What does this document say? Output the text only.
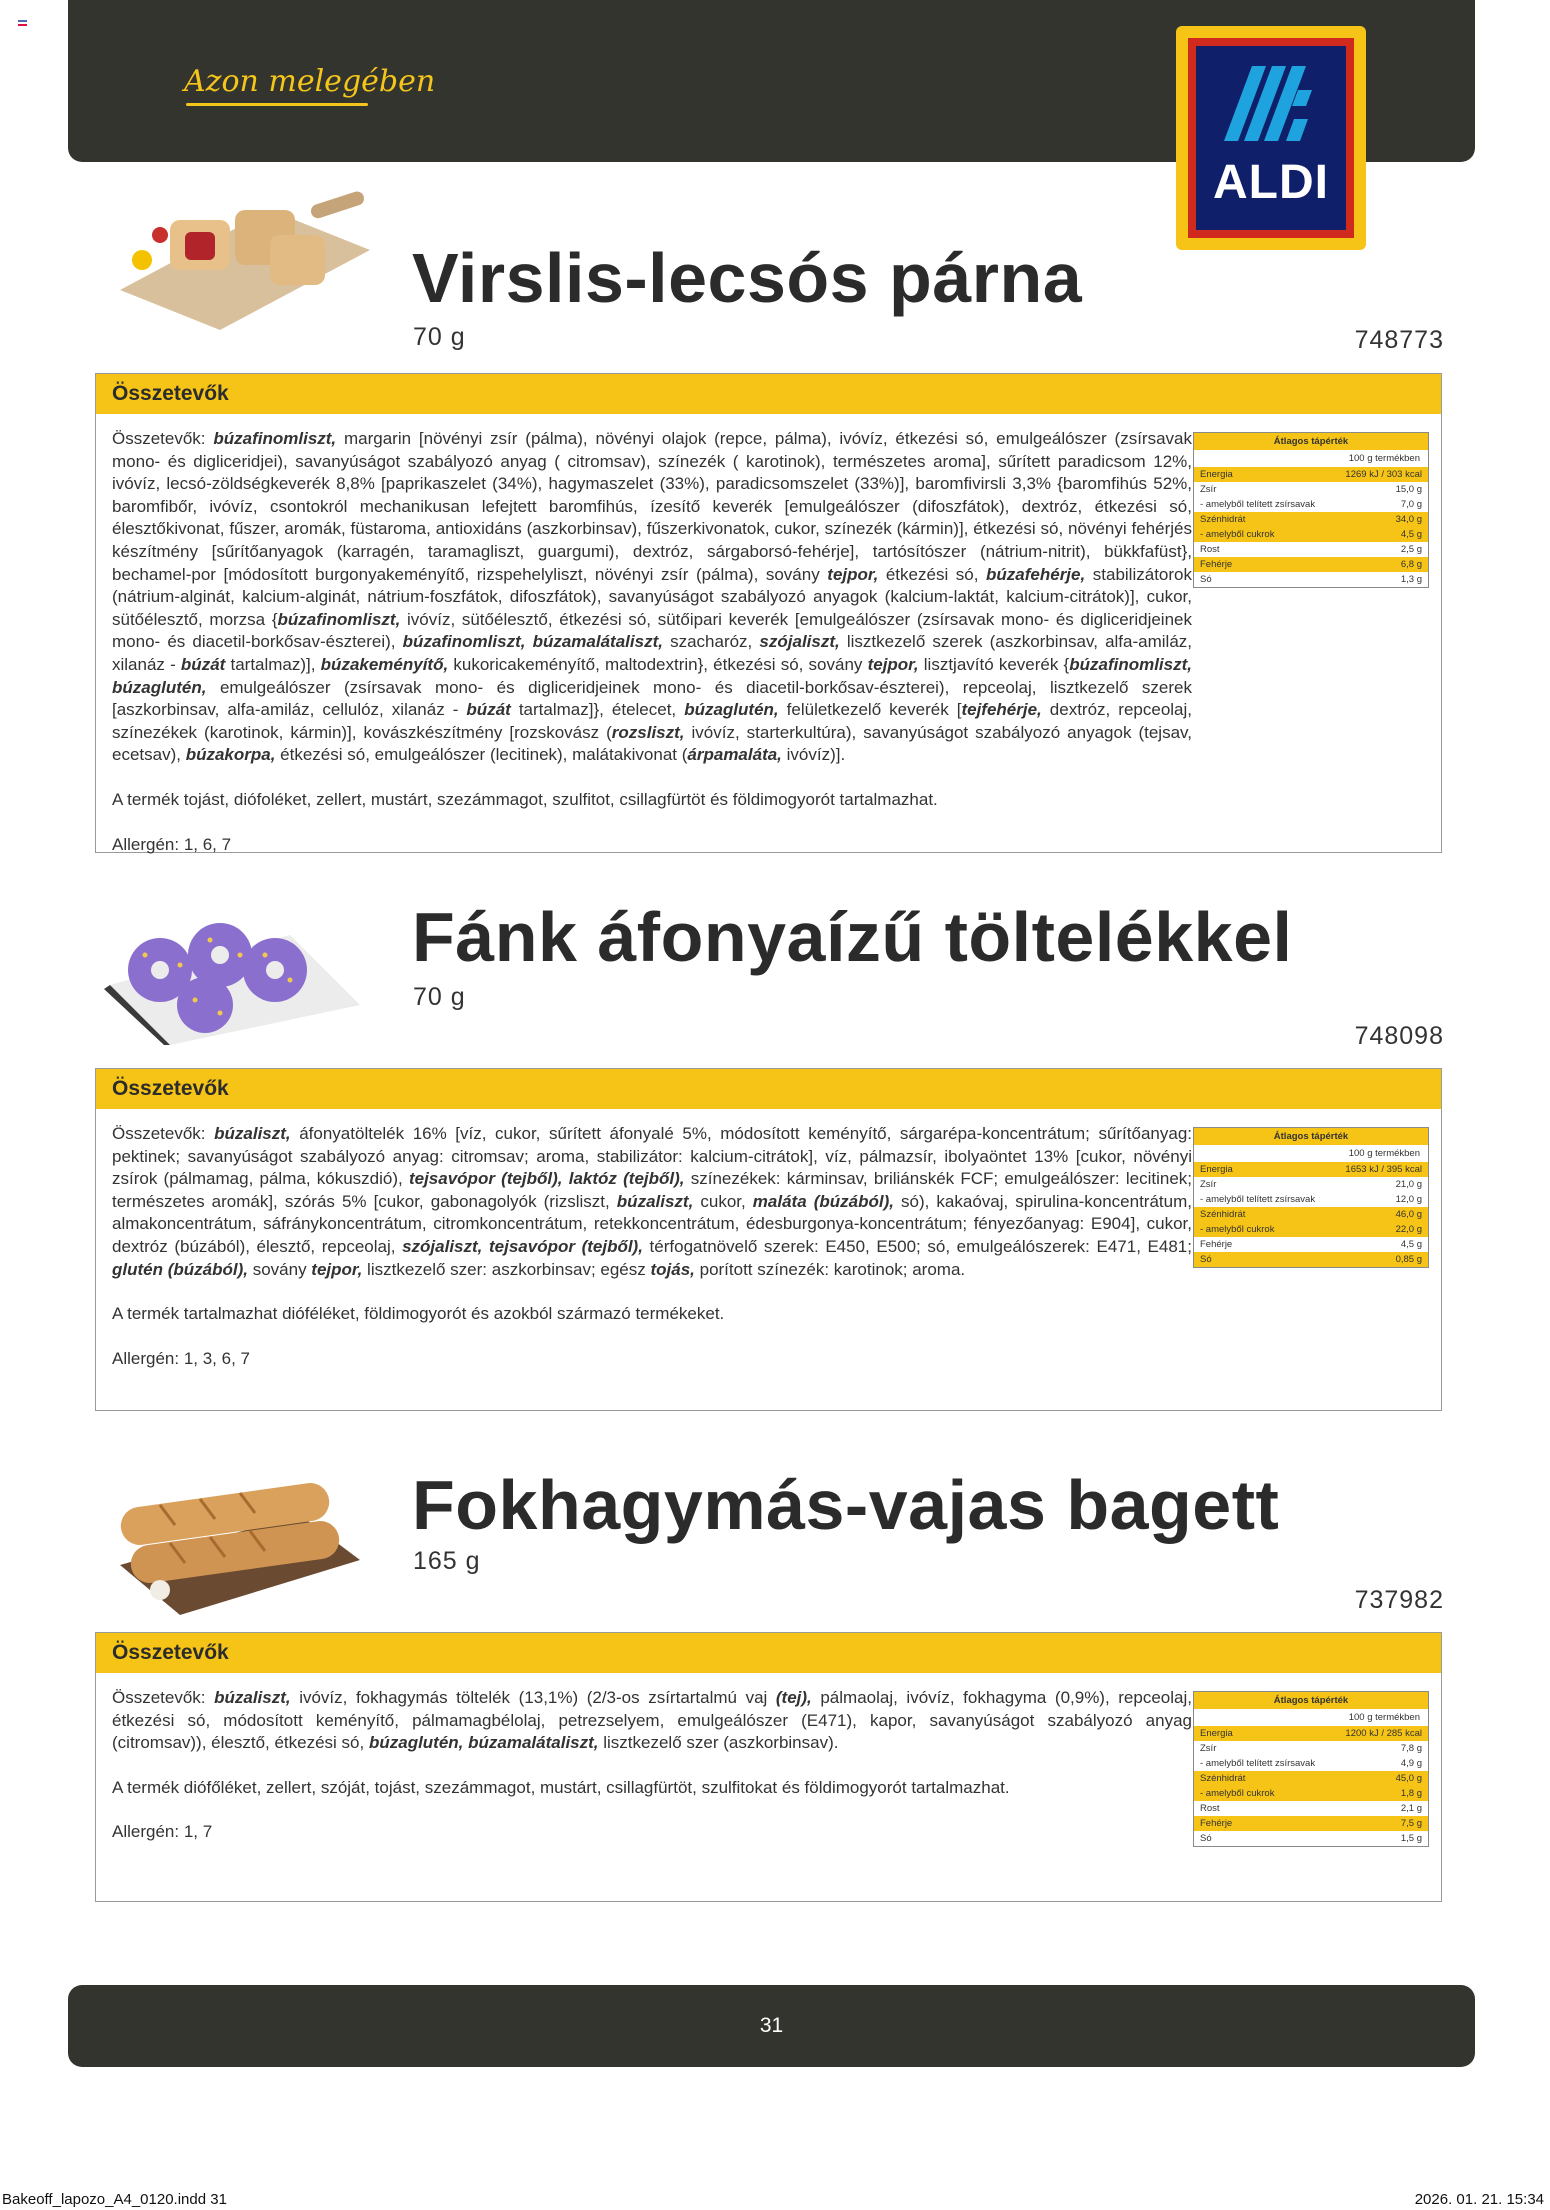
Azon melegében
ALDI
Virslis-lecsós párna
70 g	748773
Összetevők
Összetevők: búzafinomliszt, margarin [növényi zsír (pálma), növényi olajok (repce, pálma), ivóvíz, étkezési só, emulgeálószer (zsírsavak mono- és digliceridjei), savanyúságot szabályozó anyag ( citromsav), színezék ( karotinok), természetes aroma], sűrített paradicsom 12%, ivóvíz, lecsó-zöldségkeverék 8,8% [paprikaszelet (34%), hagymaszelet (33%), paradicsomszelet (33%)], baromfivirsli 3,3% {baromfihús 52%, baromfibőr, ivóvíz, csontokról mechanikusan lefejtett baromfihús, ízesítő keverék [emulgeálószer (difoszfátok), dextróz, étkezési só, élesztőkivonat, fűszer, aromák, füstaroma, antioxidáns (aszkorbinsav), fűszerkivonatok, cukor, színezék (kármin)], étkezési só, növényi fehérjés készítmény [sűrítőanyagok (karragén, taramagliszt, guargumi), dextróz, sárgaborsó-fehérje], tartósítószer (nátrium-nitrit), bükkfafüst}, bechamel-por [módosított burgonyakeményítő, rizspehelyliszt, növényi zsír (pálma), sovány tejpor, étkezési só, búzafehérje, stabilizátorok (nátrium-alginát, kalcium-alginát, nátrium-foszfátok, difoszfátok), savanyúságot szabályozó anyagok (kalcium-laktát, kalcium-citrátok)], cukor, sütőélesztő, morzsa {búzafinomliszt, ivóvíz, sütőélesztő, étkezési só, sütőipari keverék [emulgeálószer (zsírsavak mono- és digliceridjeinek mono- és diacetil-borkősav-észterei), búzafinomliszt, búzamalátaliszt, szacharóz, szójaliszt, lisztkezelő szerek (aszkorbinsav, alfa-amiláz, xilanáz - búzát tartalmaz)], búzakeményítő, kukoricakeményítő, maltodextrin}, étkezési só, sovány tejpor, lisztjavító keverék {búzafinomliszt, búzaglutén, emulgeálószer (zsírsavak mono- és digliceridjeinek mono- és diacetil-borkősav-észterei), repceolaj, lisztkezelő szerek [aszkorbinsav, alfa-amiláz, cellulóz, xilanáz - búzát tartalmaz]}, ételecet, búzaglutén, felületkezelő keverék [tejfehérje, dextróz, repceolaj, színezékek (karotinok, kármin)], kovászkészítmény [rozskovász (rozsliszt, ivóvíz, starterkultúra), savanyúságot szabályozó anyagok (tejsav, ecetsav), búzakorpa, étkezési só, emulgeálószer (lecitinek), malátakivonat (árpamaláta, ivóvíz)].
A termék tojást, diófoléket, zellert, mustárt, szezámmagot, szulfitot, csillagfürtöt és földimogyorót tartalmazhat.
Allergén: 1, 6, 7
Átlagos tápérték
100 g termékben
Energia	1269 kJ / 303 kcal
Zsír	15,0 g
- amelyből telített zsírsavak	7,0 g
Szénhidrát	34,0 g
- amelyből cukrok	4,5 g
Rost	2,5 g
Fehérje	6,8 g
Só	1,3 g
Fánk áfonyaízű töltelékkel
70 g
748098
Összetevők
Összetevők: búzaliszt, áfonyatöltelék 16% [víz, cukor, sűrített áfonyalé 5%, módosított keményítő, sárgarépa-koncentrátum; sűrítőanyag: pektinek; savanyúságot szabályozó anyag: citromsav; aroma, stabilizátor: kalcium-citrátok], víz, pálmazsír, ibolyaöntet 13% [cukor, növényi zsírok (pálmamag, pálma, kókuszdió), tejsavópor (tejből), laktóz (tejből), színezékek: kárminsav, briliánskék FCF; emulgeálószer: lecitinek; természetes aromák], szórás 5% [cukor, gabonagolyók (rizsliszt, búzaliszt, cukor, maláta (búzából), só), kakaóvaj, spirulina-koncentrátum, almakoncentrátum, sáfránykoncentrátum, citromkoncentrátum, retekkoncentrátum, édesburgonya-koncentrátum; fényezőanyag: E904], cukor, dextróz (búzából), élesztő, repceolaj, szójaliszt, tejsavópor (tejből), térfogatnövelő szerek: E450, E500; só, emulgeálószerek: E471, E481; glutén (búzából), sovány tejpor, lisztkezelő szer: aszkorbinsav; egész tojás, porított színezék: karotinok; aroma.
A termék tartalmazhat dióféléket, földimogyorót és azokból származó termékeket.
Allergén: 1, 3, 6, 7
Átlagos tápérték
100 g termékben
Energia	1653 kJ / 395 kcal
Zsír	21,0 g
- amelyből telített zsírsavak	12,0 g
Szénhidrát	46,0 g
- amelyből cukrok	22,0 g
Fehérje	4,5 g
Só	0,85 g
Fokhagymás-vajas bagett
165 g
737982
Összetevők
Összetevők: búzaliszt, ivóvíz, fokhagymás töltelék (13,1%) (2/3-os zsírtartalmú vaj (tej), pálmaolaj, ivóvíz, fokhagyma (0,9%), repceolaj, étkezési só, módosított keményítő, pálmamagbélolaj, petrezselyem, emulgeálószer (E471), kapor, savanyúságot szabályozó anyag (citromsav)), élesztő, étkezési só, búzaglutén, búzamalátaliszt, lisztkezelő szer (aszkorbinsav).
A termék diófőléket, zellert, szóját, tojást, szezámmagot, mustárt, csillagfürtöt, szulfitokat és földimogyorót tartalmazhat.
Allergén: 1, 7
Átlagos tápérték
100 g termékben
Energia	1200 kJ / 285 kcal
Zsír	7,8 g
- amelyből telített zsírsavak	4,9 g
Szénhidrát	45,0 g
- amelyből cukrok	1,8 g
Rost	2,1 g
Fehérje	7,5 g
Só	1,5 g
31
Bakeoff_lapozo_A4_0120.indd 31	2026. 01. 21. 15:34
